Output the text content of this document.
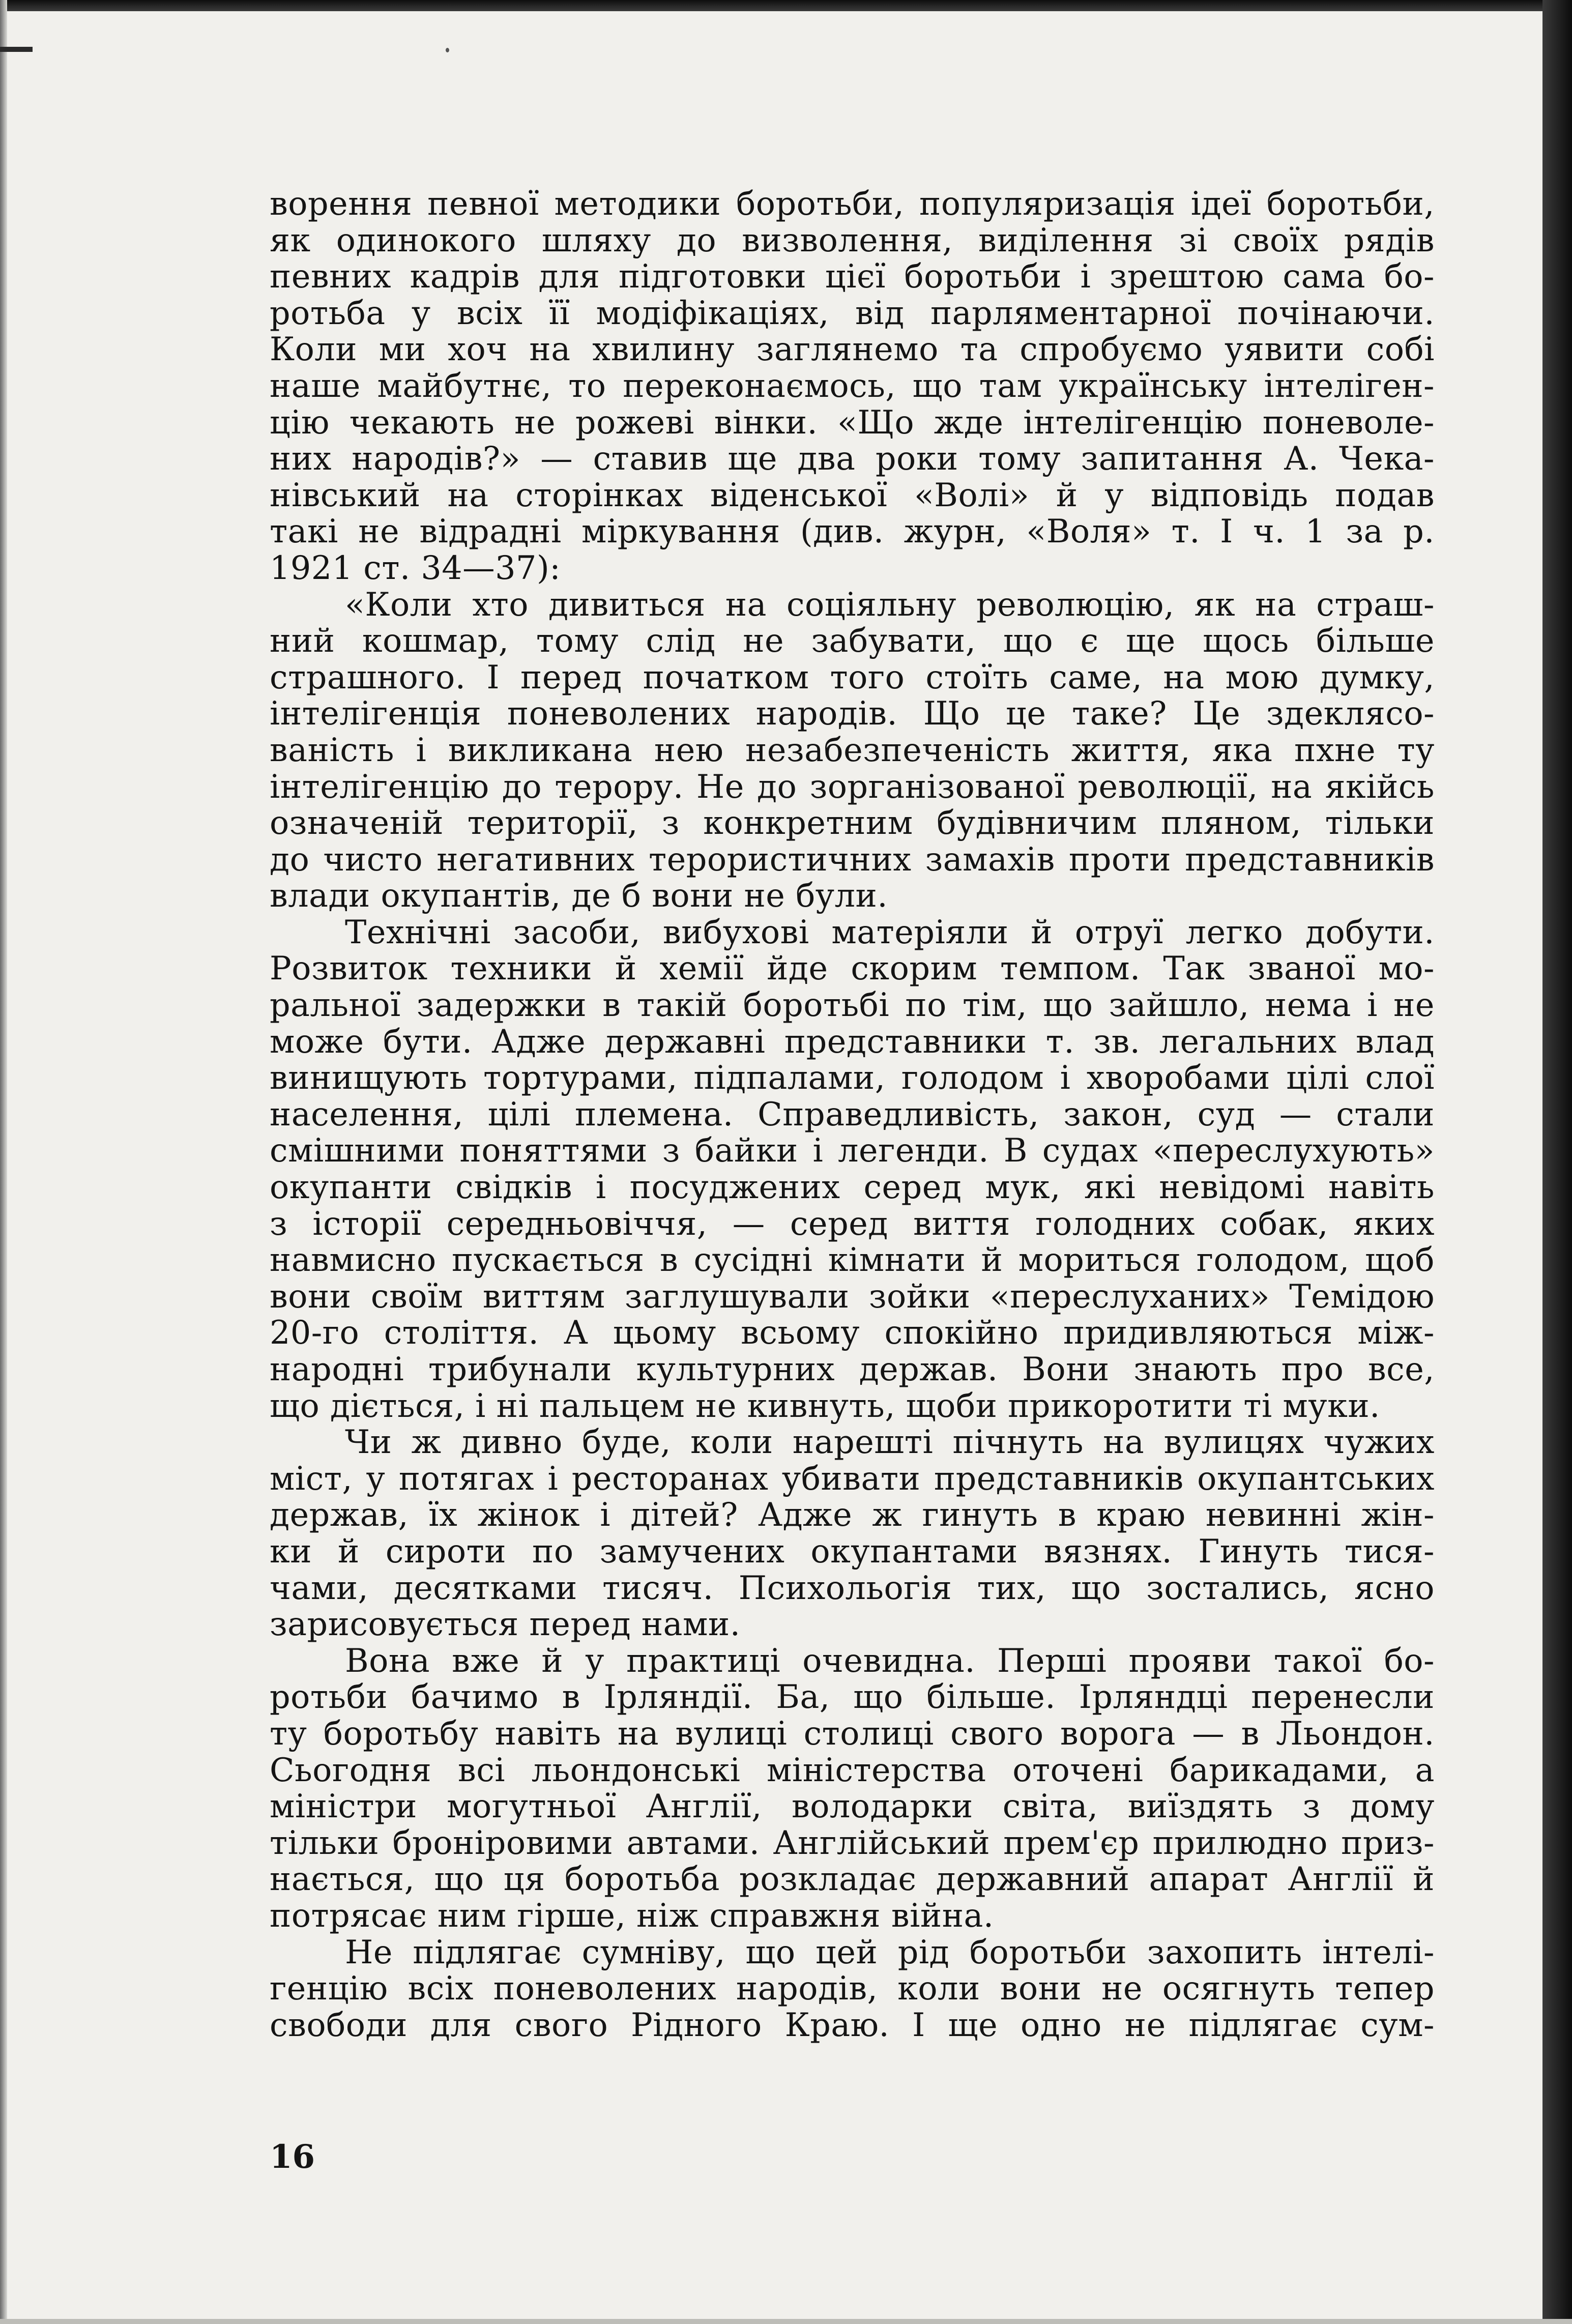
ворення певної методики боротьби, популяризація ідеї боротьби,
як одинокого шляху до визволення, виділення зі своїх рядів
певних кадрів для підготовки цієї боротьби і зрештою сама бо-
ротьба у всіх її модіфікаціях, від парляментарної почінаючи.
Коли ми хоч на хвилину заглянемо та спробуємо уявити собі
наше майбутнє, то переконаємось, що там українську інтеліген-
цію чекають не рожеві вінки. «Що жде інтелігенцію поневоле-
них народів?» — ставив ще два роки тому запитання А. Чека-
нівський на сторінках віденської «Волі» й у відповідь подав
такі не відрадні міркування (див. журн, «Воля» т. I ч. 1 за р.
1921 ст. 34—37):
«Коли хто дивиться на соціяльну революцію, як на страш-
ний кошмар, тому слід не забувати, що є ще щось більше
страшного. І перед початком того стоїть саме, на мою думку,
інтелігенція поневолених народів. Що це таке? Це здеклясо-
ваність і викликана нею незабезпеченість життя, яка пхне ту
інтелігенцію до терору. Не до зорганізованої революції, на якійсь
означеній території, з конкретним будівничим пляном, тільки
до чисто негативних терористичних замахів проти представників
влади окупантів, де б вони не були.
Технічні засоби, вибухові матеріяли й отруї легко добути.
Розвиток техники й хемії йде скорим темпом. Так званої мо-
ральної задержки в такій боротьбі по тім, що зайшло, нема і не
може бути. Адже державні представники т. зв. легальних влад
винищують тортурами, підпалами, голодом і хворобами цілі слої
населення, цілі племена. Справедливість, закон, суд — стали
смішними поняттями з байки і легенди. В судах «переслухують»
окупанти свідків і посуджених серед мук, які невідомі навіть
з історії середньовіччя, — серед виття голодних собак, яких
навмисно пускається в сусідні кімнати й мориться голодом, щоб
вони своїм виттям заглушували зойки «переслуханих» Темідою
20-го століття. А цьому всьому спокійно придивляються між-
народні трибунали культурних держав. Вони знають про все,
що діється, і ні пальцем не кивнуть, щоби прикоротити ті муки.
Чи ж дивно буде, коли нарешті пічнуть на вулицях чужих
міст, у потягах і ресторанах убивати представників окупантських
держав, їх жінок і дітей? Адже ж гинуть в краю невинні жін-
ки й сироти по замучених окупантами вязнях. Гинуть тися-
чами, десятками тисяч. Психольогія тих, що зостались, ясно
зарисовується перед нами.
Вона вже й у практиці очевидна. Перші прояви такої бо-
ротьби бачимо в Ірляндії. Ба, що більше. Ірляндці перенесли
ту боротьбу навіть на вулиці столиці свого ворога — в Льондон.
Сьогодня всі льондонські міністерства оточені барикадами, а
міністри могутньої Англії, володарки світа, виїздять з дому
тільки броніровими автами. Англійський прем'єр прилюдно приз-
нається, що ця боротьба розкладає державний апарат Англії й
потрясає ним гірше, ніж справжня війна.
Не підлягає сумніву, що цей рід боротьби захопить інтелі-
генцію всіх поневолених народів, коли вони не осягнуть тепер
свободи для свого Рідного Краю. І ще одно не підлягає сум-
16
